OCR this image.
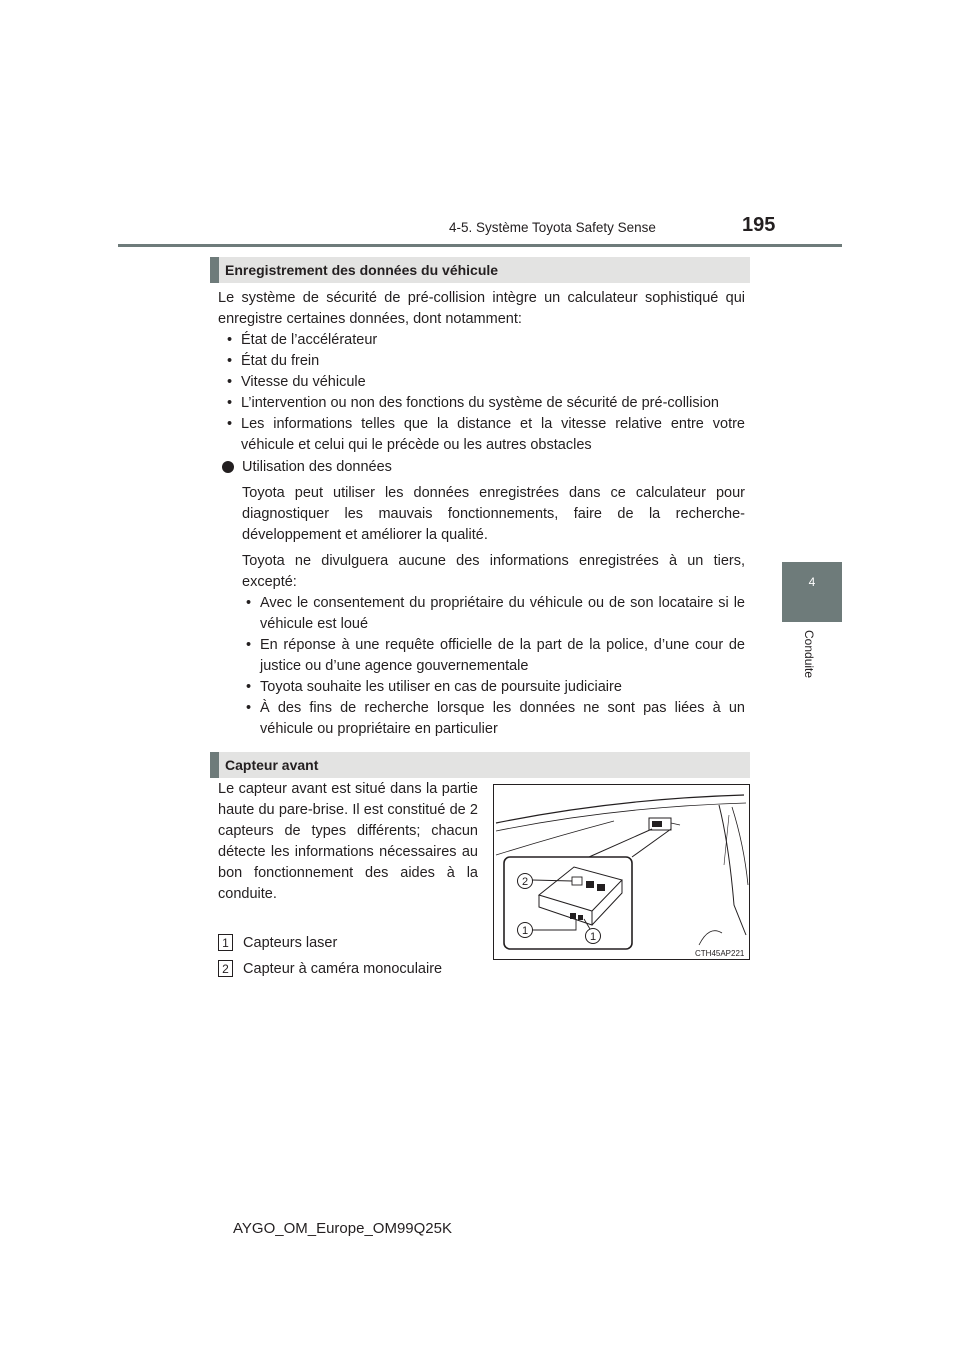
4-5. Système Toyota Safety Sense	195
4
Conduite
Enregistrement des données du véhicule
Le système de sécurité de pré-collision intègre un calculateur sophistiqué qui enregistre certaines données, dont notamment:
• État de l’accélérateur
• État du frein
• Vitesse du véhicule
• L’intervention ou non des fonctions du système de sécurité de pré-collision
• Les informations telles que la distance et la vitesse relative entre votre véhicule et celui qui le précède ou les autres obstacles
Utilisation des données
Toyota peut utiliser les données enregistrées dans ce calculateur pour diagnostiquer les mauvais fonctionnements, faire de la recherche-développement et améliorer la qualité.
Toyota ne divulguera aucune des informations enregistrées à un tiers, excepté:
• Avec le consentement du propriétaire du véhicule ou de son locataire si le véhicule est loué
• En réponse à une requête officielle de la part de la police, d’une cour de justice ou d’une agence gouvernementale
• Toyota souhaite les utiliser en cas de poursuite judiciaire
• À des fins de recherche lorsque les données ne sont pas liées à un véhicule ou propriétaire en particulier
Capteur avant
Le capteur avant est situé dans la partie haute du pare-brise. Il est constitué de 2 capteurs de types différents; chacun détecte les informations nécessaires au bon fonctionnement des aides à la conduite.
1 Capteurs laser
2 Capteur à caméra monoculaire
2
1	1
CTH45AP221
AYGO_OM_Europe_OM99Q25K
